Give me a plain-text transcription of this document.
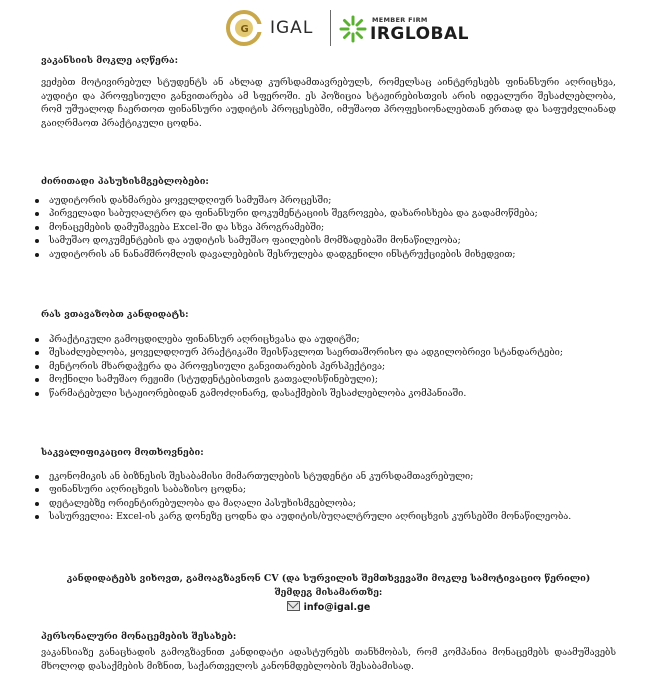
G IGAL	MEMBER FIRM
IRGLOBAL
ვაკანსიის მოკლე აღწერა:

ვეძებთ მოტივირებულ სტუდენტს ან ახლად კურსდამთავრებულს, რომელსაც აინტერესებს ფინანსური აღრიცხვა, აუდიტი და პროფესიული განვითარება ამ სფეროში. ეს პოზიცია სტაჟირებისთვის არის იდეალური შესაძლებლობა, რომ უშუალოდ ჩაერთოთ ფინანსური აუდიტის პროცესებში, იმუშაოთ პროფესიონალებთან ერთად და საფუძვლიანად გაიღრმაოთ პრაქტიკული ცოდნა.

ძირითადი პასუხისმგებლობები:
აუდიტორის დახმარება ყოველდღიურ სამუშაო პროცესში;
პირველადი საბუღალტრო და ფინანსური დოკუმენტაციის შეგროვება, დახარისხება და გადამოწმება;
მონაცემების დამუშავება Excel-ში და სხვა პროგრამებში;
სამუშაო დოკუმენტების და აუდიტის სამუშაო ფაილების მომზადებაში მონაწილეობა;
აუდიტორის ან ნანამშრომლის დავალებების შესრულება დადგენილი ინსტრუქციების მიხედვით;
რას ვთავაზობთ კანდიდატს:
პრაქტიკული გამოცდილება ფინანსურ აღრიცხვასა და აუდიტში;
შესაძლებლობა, ყოველდღიურ პრაქტიკაში შეისწავლოთ საერთაშორისო და ადგილობრივი სტანდარტები;
მენტორის მხარდაჭერა და პროფესიული განვითარების პერსპექტივა;
მოქნილი სამუშაო რეჟიმი (სტუდენტებისთვის გათვალისწინებული);
წარმატებული სტაჟიორებიდან გამოძღინარე, დასაქმების შესაძლებლობა კომპანიაში.
საკვალიფიკაციო მოთხოვნები:
ეკონომიკის ან ბიზნესის შესაბამისი მიმართულების სტუდენტი ან კურსდამთავრებული;
ფინანსური აღრიცხვის საბაზისო ცოდნა;
დეტალებზე ორიენტირებულობა და მაღალი პასუხისმგებლობა;
სასურველია: Excel-ის კარგ დონეზე ცოდნა და აუდიტის/ბუღალტრული აღრიცხვის კურსებში მონაწილეობა.
კანდიდატებს ვიხოვთ, გამოაგზავნონ CV (და სურვილის შემთხვევაში მოკლე სამოტივაციო წერილი)
შემდეგ მისამართზე:
info@igal.ge
პერსონალური მონაცემების შესახებ:

ვაკანსიაზე განაცხადის გამოგზავნით კანდიდატი ადასტურებს თანხმობას, რომ კომპანია მონაცემებს დაამუშავებს მხოლოდ დასაქმების მიზნით, საქართველოს კანონმდებლობის შესაბამისად.
